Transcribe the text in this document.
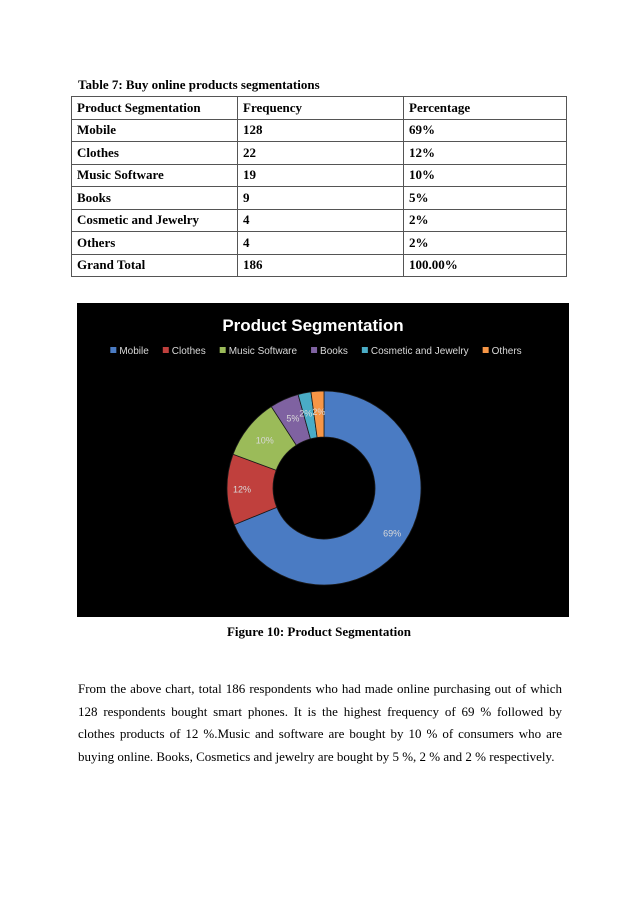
Table 7: Buy online products segmentations
Product Segmentation	Frequency	Percentage
Mobile	128	69%
Clothes	22	12%
Music Software	19	10%
Books	9	5%
Cosmetic and Jewelry	4	2%
Others	4	2%
Grand Total	186	100.00%
Product Segmentation
Mobile Clothes Music Software Books Cosmetic and Jewelry Others
69%
12%
10%
5%
2% 2%
Figure 10: Product Segmentation
From the above chart, total 186 respondents who had made online purchasing out of which 128 respondents bought smart phones. It is the highest frequency of 69 % followed by clothes products of 12 %.Music and software are bought by 10 % of consumers who are buying online. Books, Cosmetics and jewelry are bought by 5 %, 2 % and 2 % respectively.
